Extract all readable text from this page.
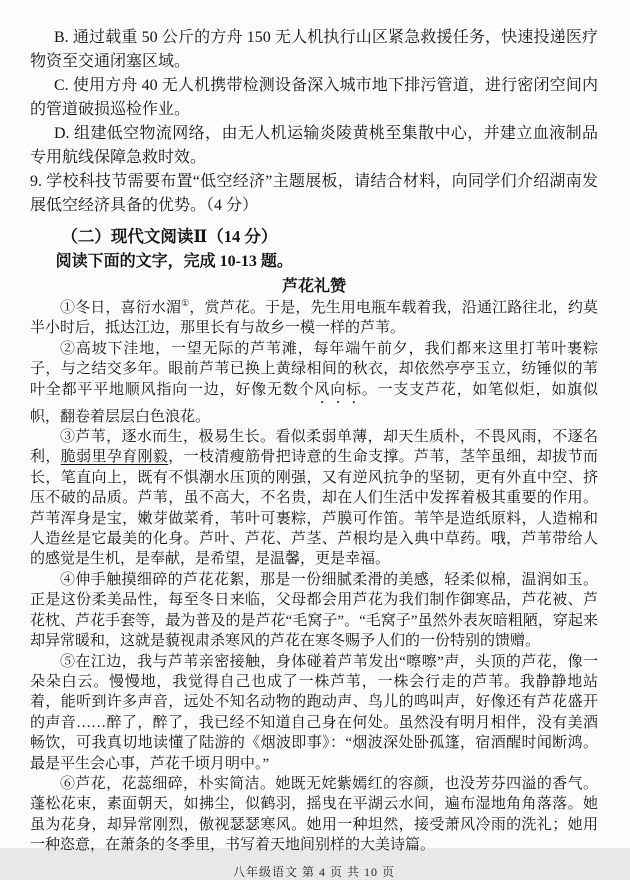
B. 通过载重 50 公斤的方舟 150 无人机执行山区紧急救援任务，快速投递医疗物资至交通闭塞区域。

C. 使用方舟 40 无人机携带检测设备深入城市地下排污管道，进行密闭空间内的管道破损巡检作业。

D. 组建低空物流网络，由无人机运输炎陵黄桃至集散中心，并建立血液制品专用航线保障急救时效。

9. 学校科技节需要布置“低空经济”主题展板，请结合材料，向同学们介绍湖南发展低空经济具备的优势。（4 分）

（二）现代文阅读Ⅱ（14 分）

阅读下面的文字，完成 10-13 题。

芦花礼赞

①冬日，喜衍水湄①，赏芦花。于是，先生用电瓶车载着我，沿通江路往北，约莫半小时后，抵达江边，那里长有与故乡一模一样的芦苇。

②高坡下洼地，一望无际的芦苇滩，每年端午前夕，我们都来这里打苇叶裹粽子，与之结交多年。眼前芦苇已换上黄绿相间的秋衣，却依然亭亭玉立，纺锤似的苇叶全都平平地顺风指向一边，好像无数个风向标。一支支芦花，如笔似炬，如旗似帜，翻卷着层层白色浪花。

③芦苇，逐水而生，极易生长。看似柔弱单薄，却天生质朴，不畏风雨，不逐名利，脆弱里孕育刚毅，一枝清瘦筋骨把诗意的生命支撑。芦苇，茎竿虽细，却拔节而长，笔直向上，既有不惧潮水压顶的刚强，又有逆风抗争的坚韧，更有外直中空、挤压不破的品质。芦苇，虽不高大，不名贵，却在人们生活中发挥着极其重要的作用。芦苇浑身是宝，嫩芽做菜肴，苇叶可裹粽，芦膜可作笛。苇竿是造纸原料，人造棉和人造丝是它最美的化身。芦叶、芦花、芦茎、芦根均是入典中草药。哦，芦苇带给人的感觉是生机，是奉献，是希望，是温馨，更是幸福。

④伸手触摸细碎的芦花花絮，那是一份细腻柔滑的美感，轻柔似棉，温润如玉。正是这份柔美品性，每至冬日来临，父母都会用芦花为我们制作御寒品，芦花被、芦花枕、芦花手套等，最为普及的是芦花“毛窝子”。“毛窝子”虽然外表灰暗粗陋，穿起来却异常暖和，这就是藐视肃杀寒风的芦花在寒冬赐予人们的一份特别的馈赠。

⑤在江边，我与芦苇亲密接触，身体碰着芦苇发出“嚓嚓”声，头顶的芦花，像一朵朵白云。慢慢地，我觉得自己也成了一株芦苇，一株会行走的芦苇。我静静地站着，能听到许多声音，远处不知名动物的跑动声、鸟儿的鸣叫声，好像还有芦花盛开的声音……醉了，醉了，我已经不知道自己身在何处。虽然没有明月相伴，没有美酒畅饮，可我真切地读懂了陆游的《烟波即事》：“烟波深处卧孤篷，宿酒醒时闻断鸿。最是平生会心事，芦花千顷月明中。”

⑥芦花，花蕊细碎，朴实简洁。她既无姹紫嫣红的容颜，也没芳芬四溢的香气。蓬松花束，素面朝天，如拂尘，似鹤羽，摇曳在平湖云水间，遍布湿地角角落落。她虽为花身，却异常刚烈，傲视瑟瑟寒风。她用一种坦然，接受萧风冷雨的洗礼；她用一种恣意，在萧条的冬季里，书写着天地间别样的大美诗篇。

八年级语文 第 4 页 共 10 页
